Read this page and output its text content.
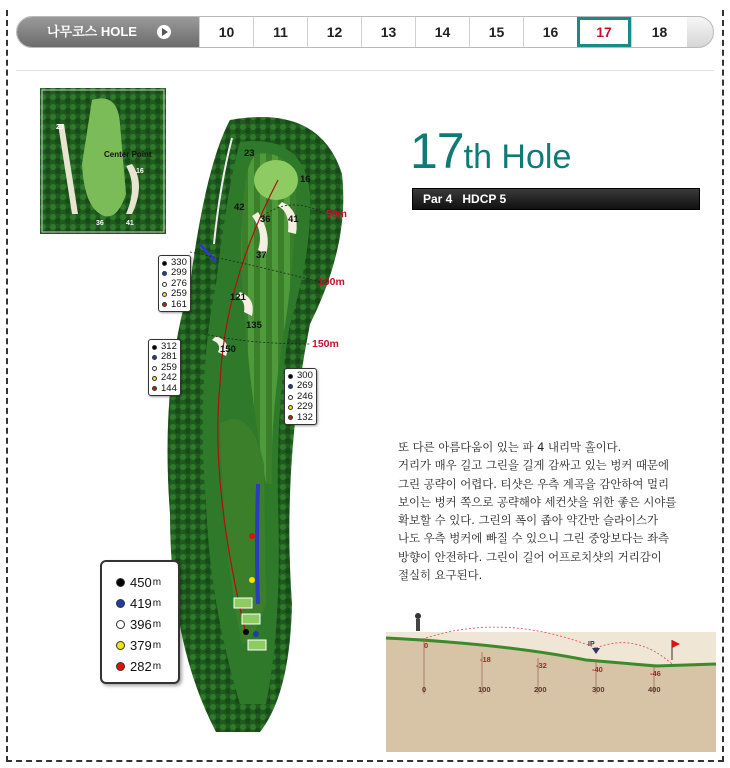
나무코스 HOLE	10	11	12	13	14	15	16	17	18
Center Point
23
16
36	41
23
16
42
36 41
37
121
135
150
50m
100m
150m
330
299
276
259
161
312
281
259
242
144
300
269
246
229
132
450 m
419 m
396 m
379 m
282 m
17th Hole
Par 4 HDCP 5

또 다른 아름다움이 있는 파 4 내리막 홀이다.

거리가 매우 길고 그린을 길게 감싸고 있는 벙커 때문에

그린 공략이 어렵다. 티샷은 우측 계곡을 감안하여 멀리

보이는 벙커 쪽으로 공략해야 세컨샷을 위한 좋은 시야를

확보할 수 있다. 그린의 폭이 좁아 약간만 슬라이스가

나도 우측 벙커에 빠질 수 있으니 그린 중앙보다는 좌측

방향이 안전하다. 그린이 길어 어프로치샷의 거리감이

절실히 요구된다.

0
-18
-32	-40	-46
0	100	200	300	400
IP
